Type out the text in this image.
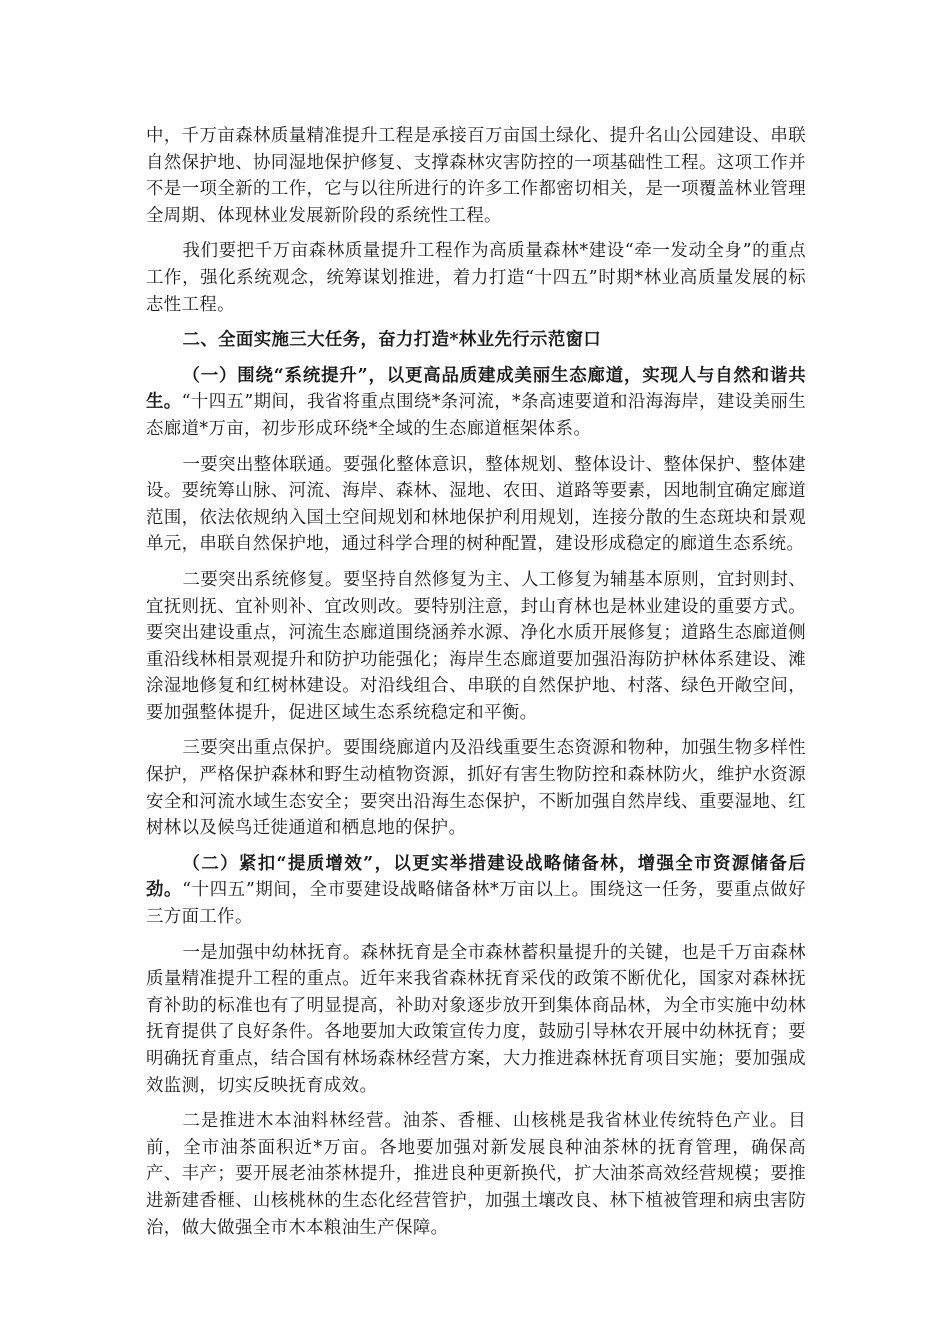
中，千万亩森林质量精准提升工程是承接百万亩国土绿化、提升名山公园建设、串联自然保护地、协同湿地保护修复、支撑森林灾害防控的一项基础性工程。这项工作并不是一项全新的工作，它与以往所进行的许多工作都密切相关，是一项覆盖林业管理全周期、体现林业发展新阶段的系统性工程。

我们要把千万亩森林质量提升工程作为高质量森林*建设“牵一发动全身”的重点工作，强化系统观念，统筹谋划推进，着力打造“十四五”时期*林业高质量发展的标志性工程。

二、全面实施三大任务，奋力打造*林业先行示范窗口

（一）围绕“系统提升”，以更高品质建成美丽生态廊道，实现人与自然和谐共生。“十四五”期间，我省将重点围绕*条河流，*条高速要道和沿海海岸，建设美丽生态廊道*万亩，初步形成环绕*全域的生态廊道框架体系。

一要突出整体联通。要强化整体意识，整体规划、整体设计、整体保护、整体建设。要统筹山脉、河流、海岸、森林、湿地、农田、道路等要素，因地制宜确定廊道范围，依法依规纳入国土空间规划和林地保护利用规划，连接分散的生态斑块和景观单元，串联自然保护地，通过科学合理的树种配置，建设形成稳定的廊道生态系统。

二要突出系统修复。要坚持自然修复为主、人工修复为辅基本原则，宜封则封、宜抚则抚、宜补则补、宜改则改。要特别注意，封山育林也是林业建设的重要方式。要突出建设重点，河流生态廊道围绕涵养水源、净化水质开展修复；道路生态廊道侧重沿线林相景观提升和防护功能强化；海岸生态廊道要加强沿海防护林体系建设、滩涂湿地修复和红树林建设。对沿线组合、串联的自然保护地、村落、绿色开敞空间，要加强整体提升，促进区域生态系统稳定和平衡。

三要突出重点保护。要围绕廊道内及沿线重要生态资源和物种，加强生物多样性保护，严格保护森林和野生动植物资源，抓好有害生物防控和森林防火，维护水资源安全和河流水域生态安全；要突出沿海生态保护，不断加强自然岸线、重要湿地、红树林以及候鸟迁徙通道和栖息地的保护。

（二）紧扣“提质增效”，以更实举措建设战略储备林，增强全市资源储备后劲。“十四五”期间，全市要建设战略储备林*万亩以上。围绕这一任务，要重点做好三方面工作。

一是加强中幼林抚育。森林抚育是全市森林蓄积量提升的关键，也是千万亩森林质量精准提升工程的重点。近年来我省森林抚育采伐的政策不断优化，国家对森林抚育补助的标准也有了明显提高，补助对象逐步放开到集体商品林，为全市实施中幼林抚育提供了良好条件。各地要加大政策宣传力度，鼓励引导林农开展中幼林抚育；要明确抚育重点，结合国有林场森林经营方案，大力推进森林抚育项目实施；要加强成效监测，切实反映抚育成效。

二是推进木本油料林经营。油茶、香榧、山核桃是我省林业传统特色产业。目前，全市油茶面积近*万亩。各地要加强对新发展良种油茶林的抚育管理，确保高产、丰产；要开展老油茶林提升，推进良种更新换代，扩大油茶高效经营规模；要推进新建香榧、山核桃林的生态化经营管护，加强土壤改良、林下植被管理和病虫害防治，做大做强全市木本粮油生产保障。
